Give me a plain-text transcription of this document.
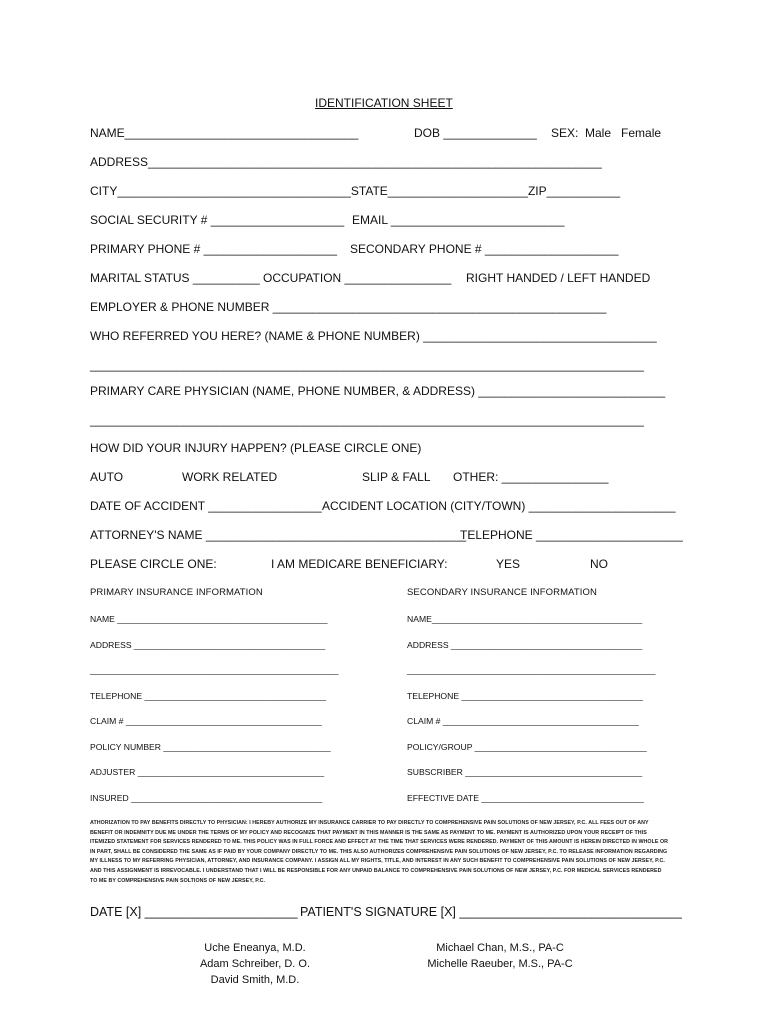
IDENTIFICATION SHEET
NAME___________________________________	DOB ______________ SEX:  Male   Female
ADDRESS____________________________________________________________________
CITY___________________________________STATE_____________________ZIP___________
SOCIAL SECURITY # ____________________ EMAIL __________________________
PRIMARY PHONE # ____________________ SECONDARY PHONE # ____________________
MARITAL STATUS __________ OCCUPATION ________________ RIGHT HANDED / LEFT HANDED
EMPLOYER & PHONE NUMBER __________________________________________________
WHO REFERRED YOU HERE? (NAME & PHONE NUMBER) ___________________________________
___________________________________________________________________________________
PRIMARY CARE PHYSICIAN (NAME, PHONE NUMBER, & ADDRESS) ____________________________
___________________________________________________________________________________
HOW DID YOUR INJURY HAPPEN? (PLEASE CIRCLE ONE)
AUTO	WORK RELATED	SLIP & FALL OTHER: ________________
DATE OF ACCIDENT _________________ ACCIDENT LOCATION (CITY/TOWN) ______________________
ATTORNEY'S NAME _______________________________________
TELEPHONE ______________________
PLEASE CIRCLE ONE:	I AM MEDICARE BENEFICIARY:	YES	NO
PRIMARY INSURANCE INFORMATION	SECONDARY INSURANCE INFORMATION
NAME ____________________________________________
ADDRESS ________________________________________
____________________________________________________
TELEPHONE ______________________________________
CLAIM # _________________________________________
POLICY NUMBER ___________________________________
ADJUSTER _______________________________________
INSURED ________________________________________
NAME____________________________________________
ADDRESS ________________________________________
____________________________________________________
TELEPHONE ______________________________________
CLAIM # _________________________________________
POLICY/GROUP ____________________________________
SUBSCRIBER _____________________________________
EFFECTIVE DATE __________________________________
ATHORIZATION TO PAY BENEFITS DIRECTLY TO PHYSICIAN: I HEREBY AUTHORIZE MY INSURANCE CARRIER TO PAY DIRECTLY TO COMPREHENSIVE PAIN SOLUTIONS OF NEW JERSEY, P.C. ALL FEES OUT OF ANY BENEFIT OR INDEMNITY DUE ME UNDER THE TERMS OF MY POLICY AND RECOGNIZE THAT PAYMENT IN THIS MANNER IS THE SAME AS PAYMENT TO ME. PAYMENT IS AUTHORIZED UPON YOUR RECEIPT OF THIS ITEMIZED STATEMENT FOR SERVICES RENDERED TO ME. THIS POLICY WAS IN FULL FORCE AND EFFECT AT THE TIME THAT SERVICES WERE RENDERED. PAYMENT OF THIS AMOUNT IS HEREIN DIRECTED IN WHOLE OR IN PART, SHALL BE CONSIDERED THE SAME AS IF PAID BY YOUR COMPANY DIRECTLY TO ME. THIS ALSO AUTHORIZES COMPREHENSIVE PAIN SOLUTIONS OF NEW JERSEY, P.C. TO RELEASE INFORMATION REGARDING MY ILLNESS TO MY REFERRING PHYSICIAN, ATTORNEY, AND INSURANCE COMPANY. I ASSIGN ALL MY RIGHTS, TITLE, AND INTEREST IN ANY SUCH BENEFIT TO COMPREHENSIVE PAIN SOLUTIONS OF NEW JERSEY, P.C. AND THIS ASSIGNMENT IS IRREVOCABLE. I UNDERSTAND THAT I WILL BE RESPONSIBLE FOR ANY UNPAID BALANCE TO COMPREHENSIVE PAIN SOLUTIONS OF NEW JERSEY, P.C. FOR MEDICAL SERVICES RENDERED TO ME BY COMPREHENSIVE PAIN SOLTIONS OF NEW JERSEY, P.C.
DATE [X] ______________________ PATIENT'S SIGNATURE [X] ________________________________
Uche Eneanya, M.D.
Adam Schreiber, D. O.
David Smith, M.D.
Michael Chan, M.S., PA-C
Michelle Raeuber, M.S., PA-C
